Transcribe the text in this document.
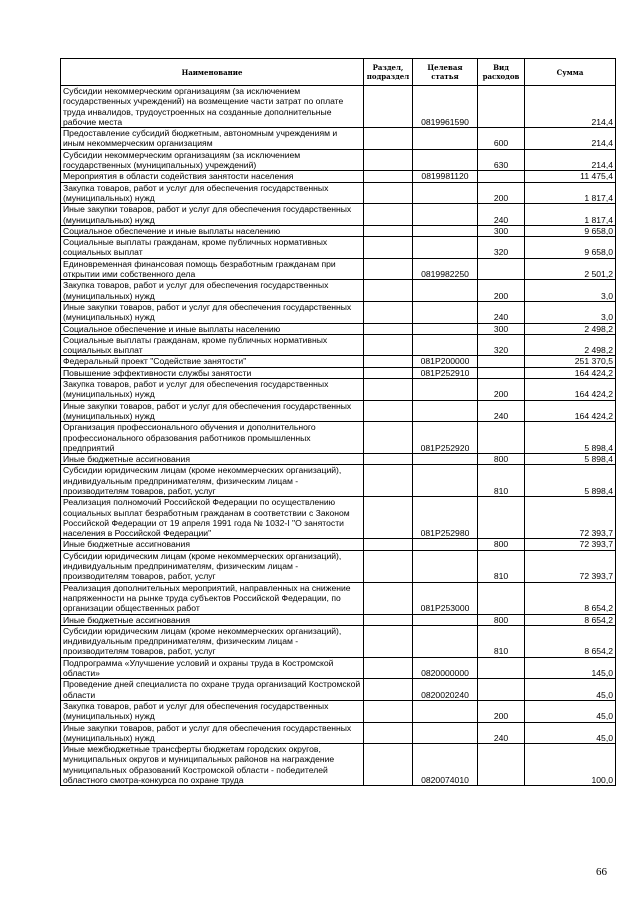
Наименование	Раздел, подраздел	Целевая статья	Вид расходов	Сумма
Субсидии некоммерческим организациям (за исключением государственных учреждений) на возмещение части затрат по оплате труда инвалидов, трудоустроенных на созданные дополнительные рабочие места		0819961590		214,4
Предоставление субсидий бюджетным, автономным учреждениям и иным некоммерческим организациям			600	214,4
Субсидии некоммерческим организациям (за исключением государственных (муниципальных) учреждений)			630	214,4
Мероприятия в области содействия занятости населения		0819981120		11 475,4
Закупка товаров, работ и услуг для обеспечения государственных (муниципальных) нужд			200	1 817,4
Иные закупки товаров, работ и услуг для обеспечения государственных (муниципальных) нужд			240	1 817,4
Социальное обеспечение и иные выплаты населению			300	9 658,0
Социальные выплаты гражданам, кроме публичных нормативных социальных выплат			320	9 658,0
Единовременная финансовая помощь безработным гражданам при открытии ими собственного дела		0819982250		2 501,2
Закупка товаров, работ и услуг для обеспечения государственных (муниципальных) нужд			200	3,0
Иные закупки товаров, работ и услуг для обеспечения государственных (муниципальных) нужд			240	3,0
Социальное обеспечение и иные выплаты населению			300	2 498,2
Социальные выплаты гражданам, кроме публичных нормативных социальных выплат			320	2 498,2
Федеральный проект "Содействие занятости"		081P200000		251 370,5
Повышение эффективности службы занятости		081P252910		164 424,2
Закупка товаров, работ и услуг для обеспечения государственных (муниципальных) нужд			200	164 424,2
Иные закупки товаров, работ и услуг для обеспечения государственных (муниципальных) нужд			240	164 424,2
Организация профессионального обучения и дополнительного профессионального образования работников промышленных предприятий		081P252920		5 898,4
Иные бюджетные ассигнования			800	5 898,4
Субсидии юридическим лицам (кроме некоммерческих организаций), индивидуальным предпринимателям, физическим лицам - производителям товаров, работ, услуг			810	5 898,4
Реализация полномочий Российской Федерации по осуществлению социальных выплат безработным гражданам в соответствии с Законом Российской Федерации от 19 апреля 1991 года № 1032-I "О занятости населения в Российской Федерации"		081P252980		72 393,7
Иные бюджетные ассигнования			800	72 393,7
Субсидии юридическим лицам (кроме некоммерческих организаций), индивидуальным предпринимателям, физическим лицам - производителям товаров, работ, услуг			810	72 393,7
Реализация дополнительных мероприятий, направленных на снижение напряженности на рынке труда субъектов Российской Федерации, по организации общественных работ		081P253000		8 654,2
Иные бюджетные ассигнования			800	8 654,2
Субсидии юридическим лицам (кроме некоммерческих организаций), индивидуальным предпринимателям, физическим лицам - производителям товаров, работ, услуг			810	8 654,2
Подпрограмма «Улучшение условий и охраны труда в Костромской области»		0820000000		145,0
Проведение дней специалиста по охране труда организаций Костромской области		0820020240		45,0
Закупка товаров, работ и услуг для обеспечения государственных (муниципальных) нужд			200	45,0
Иные закупки товаров, работ и услуг для обеспечения государственных (муниципальных) нужд			240	45,0
Иные межбюджетные трансферты бюджетам городских округов, муниципальных округов и муниципальных районов на награждение муниципальных образований Костромской области - победителей областного смотра-конкурса по охране труда		0820074010		100,0
66
